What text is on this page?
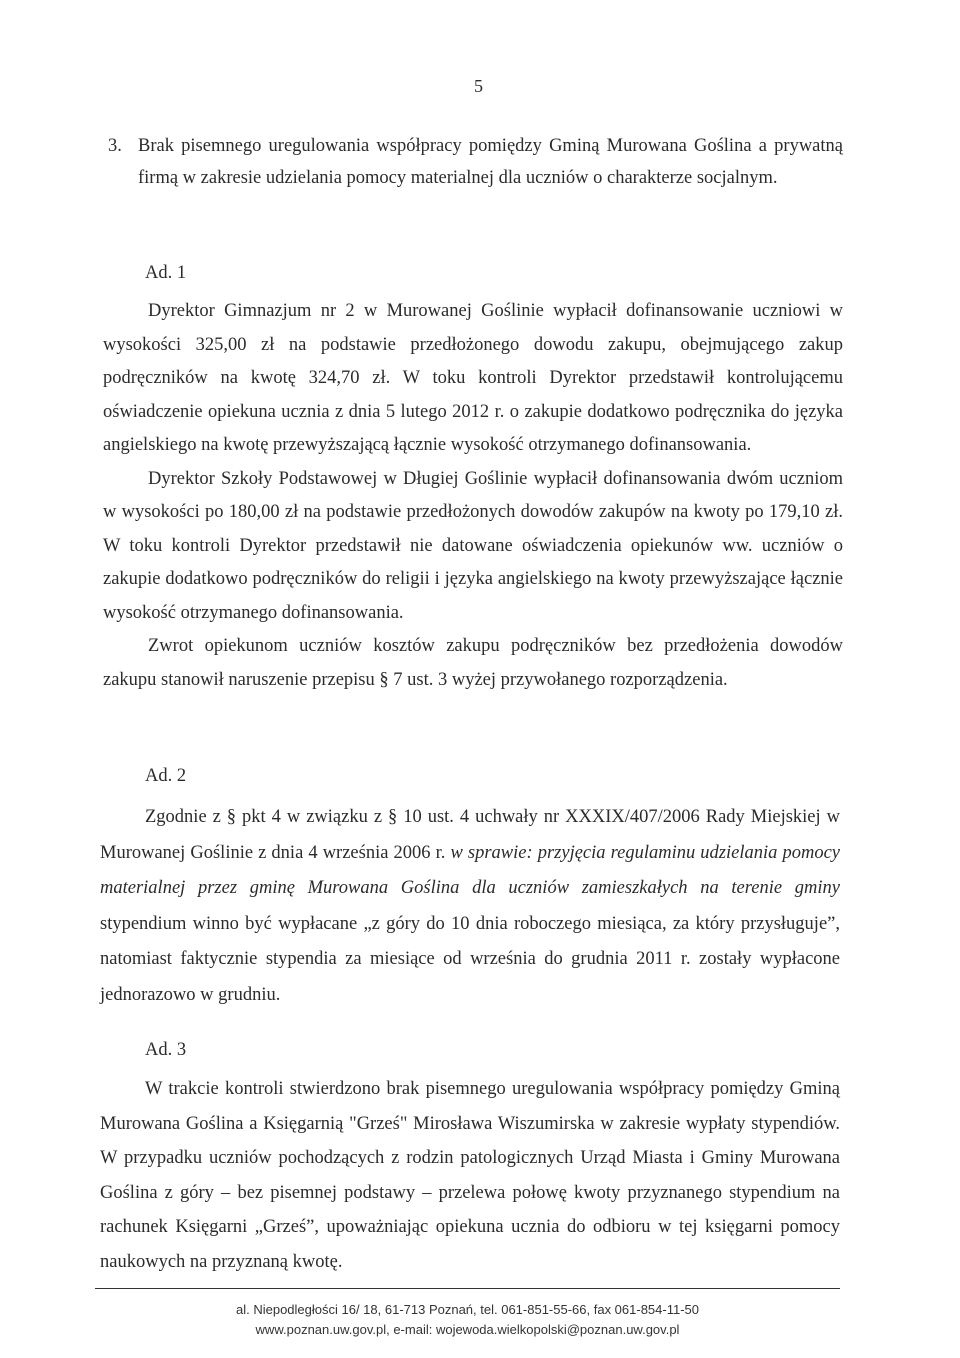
5
3. Brak pisemnego uregulowania współpracy pomiędzy Gminą Murowana Goślina a prywatną firmą w zakresie udzielania pomocy materialnej dla uczniów o charakterze socjalnym.

Ad. 1

Dyrektor Gimnazjum nr 2 w Murowanej Goślinie wypłacił dofinansowanie uczniowi w wysokości 325,00 zł na podstawie przedłożonego dowodu zakupu, obejmującego zakup podręczników na kwotę 324,70 zł. W toku kontroli Dyrektor przedstawił kontrolującemu oświadczenie opiekuna ucznia z dnia 5 lutego 2012 r. o zakupie dodatkowo podręcznika do języka angielskiego na kwotę przewyższającą łącznie wysokość otrzymanego dofinansowania.

Dyrektor Szkoły Podstawowej w Długiej Goślinie wypłacił dofinansowania dwóm uczniom w wysokości po 180,00 zł na podstawie przedłożonych dowodów zakupów na kwoty po 179,10 zł. W toku kontroli Dyrektor przedstawił nie datowane oświadczenia opiekunów ww. uczniów o zakupie dodatkowo podręczników do religii i języka angielskiego na kwoty przewyższające łącznie wysokość otrzymanego dofinansowania.

Zwrot opiekunom uczniów kosztów zakupu podręczników bez przedłożenia dowodów zakupu stanowił naruszenie przepisu § 7 ust. 3 wyżej przywołanego rozporządzenia.

Ad. 2

Zgodnie z § pkt 4 w związku z § 10 ust. 4 uchwały nr XXXIX/407/2006 Rady Miejskiej w Murowanej Goślinie z dnia 4 września 2006 r. w sprawie: przyjęcia regulaminu udzielania pomocy materialnej przez gminę Murowana Goślina dla uczniów zamieszkałych na terenie gminy stypendium winno być wypłacane „z góry do 10 dnia roboczego miesiąca, za który przysługuje”, natomiast faktycznie stypendia za miesiące od września do grudnia 2011 r. zostały wypłacone jednorazowo w grudniu.

Ad. 3

W trakcie kontroli stwierdzono brak pisemnego uregulowania współpracy pomiędzy Gminą Murowana Goślina a Księgarnią "Grześ" Mirosława Wiszumirska w zakresie wypłaty stypendiów. W przypadku uczniów pochodzących z rodzin patologicznych Urząd Miasta i Gminy Murowana Goślina z góry – bez pisemnej podstawy – przelewa połowę kwoty przyznanego stypendium na rachunek Księgarni „Grześ”, upoważniając opiekuna ucznia do odbioru w tej księgarni pomocy naukowych na przyznaną kwotę.

al. Niepodległości 16/ 18, 61-713 Poznań, tel. 061-851-55-66, fax 061-854-11-50
www.poznan.uw.gov.pl, e-mail: wojewoda.wielkopolski@poznan.uw.gov.pl
